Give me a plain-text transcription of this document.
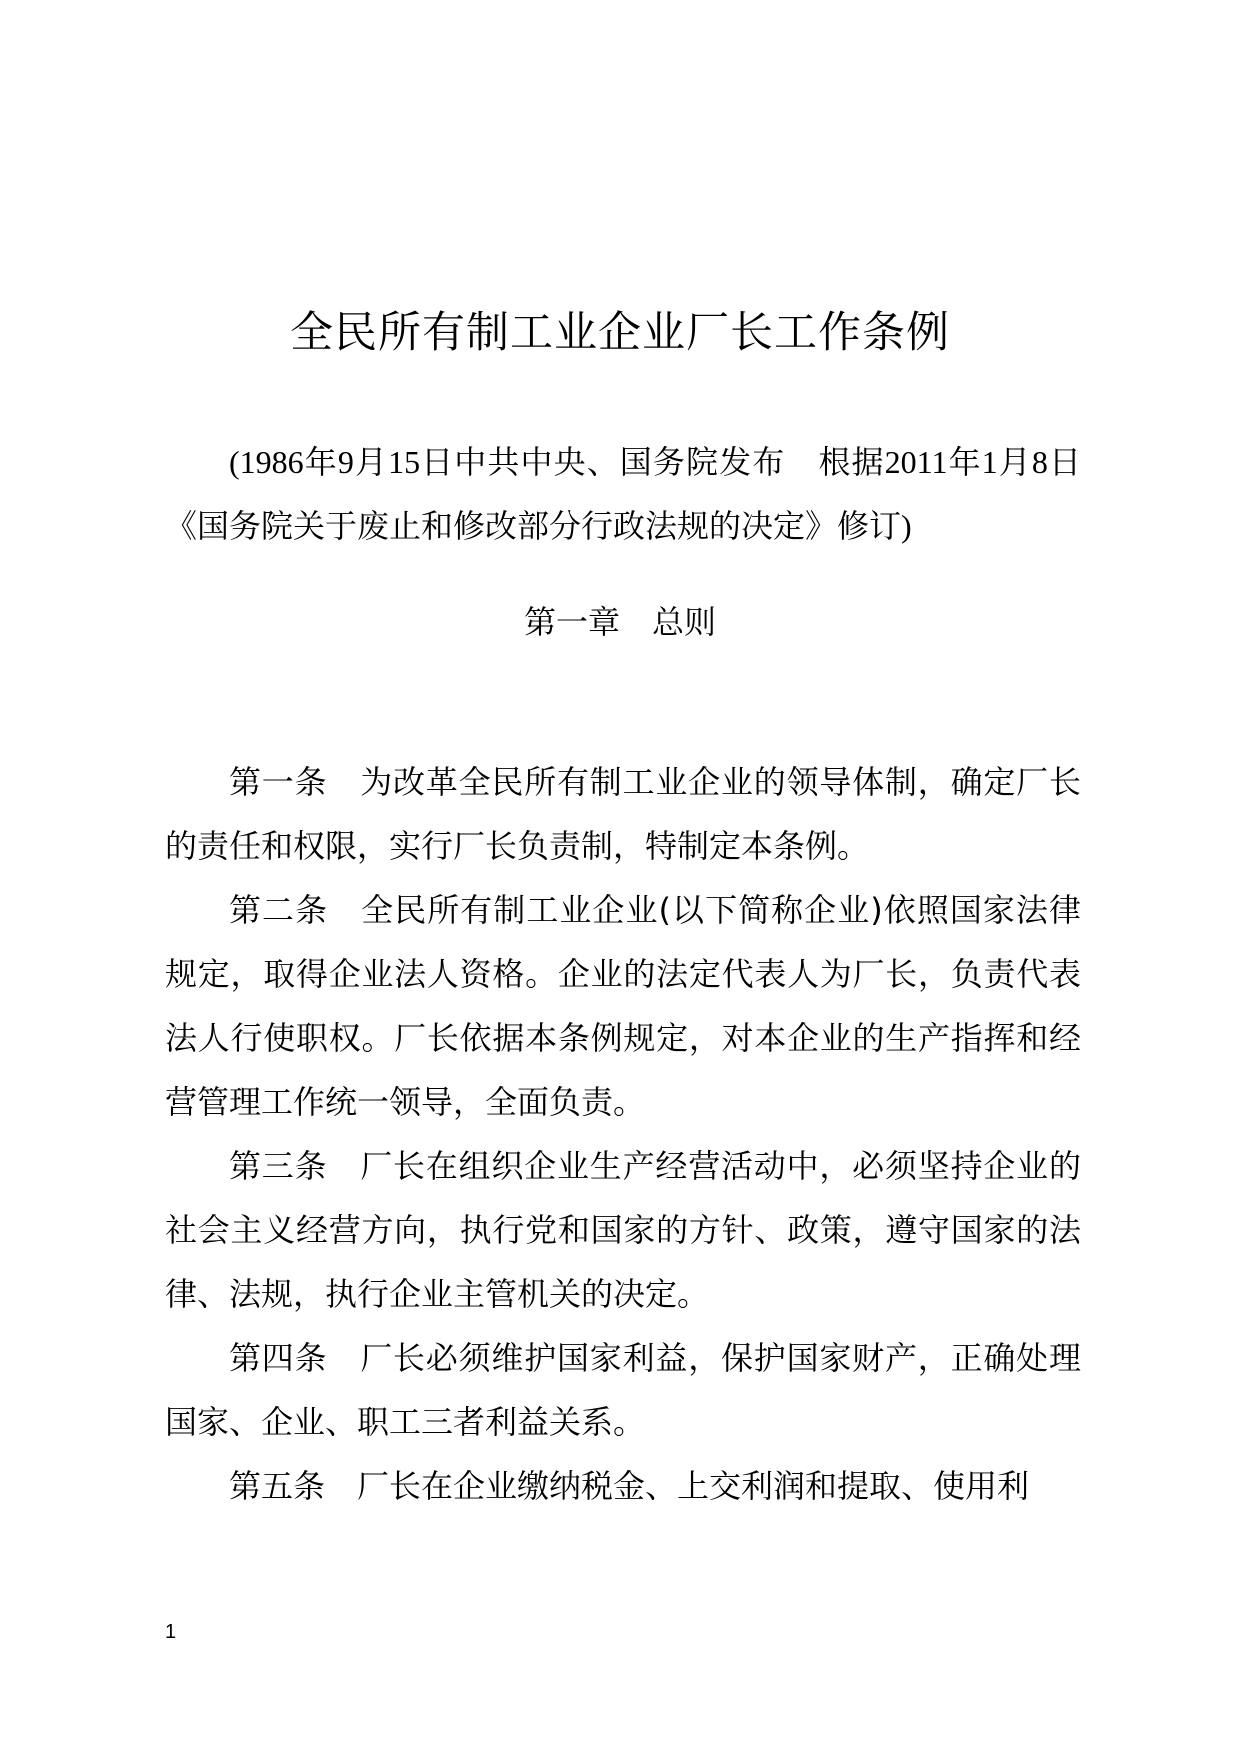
全民所有制工业企业厂长工作条例

(1986年9月15日中共中央、国务院发布　根据2011年1月8日《国务院关于废止和修改部分行政法规的决定》修订)

第一章　总则

第一条　为改革全民所有制工业企业的领导体制，确定厂长的责任和权限，实行厂长负责制，特制定本条例。

第二条　全民所有制工业企业(以下简称企业)依照国家法律规定，取得企业法人资格。企业的法定代表人为厂长，负责代表法人行使职权。厂长依据本条例规定，对本企业的生产指挥和经营管理工作统一领导，全面负责。

第三条　厂长在组织企业生产经营活动中，必须坚持企业的社会主义经营方向，执行党和国家的方针、政策，遵守国家的法律、法规，执行企业主管机关的决定。

第四条　厂长必须维护国家利益，保护国家财产，正确处理国家、企业、职工三者利益关系。

第五条　厂长在企业缴纳税金、上交利润和提取、使用利

1
